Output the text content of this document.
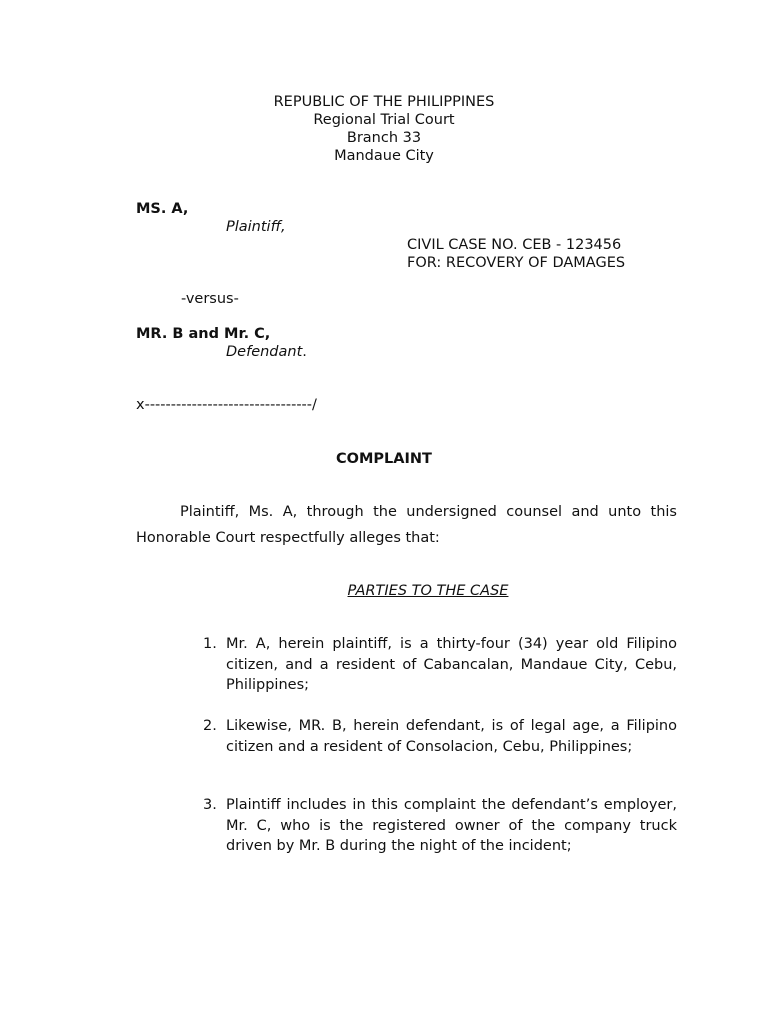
REPUBLIC OF THE PHILIPPINES
Regional Trial Court
Branch 33
Mandaue City
MS. A,
Plaintiff,
CIVIL CASE NO. CEB - 123456
FOR: RECOVERY OF DAMAGES
-versus-
MR. B and Mr. C,
Defendant.
x--------------------------------/
COMPLAINT
Plaintiff, Ms. A, through the undersigned counsel and unto this Honorable Court respectfully alleges that:
PARTIES TO THE CASE
1. Mr. A, herein plaintiff, is a thirty-four (34) year old Filipino citizen, and a resident of Cabancalan, Mandaue City, Cebu, Philippines;
2. Likewise, MR. B, herein defendant, is of legal age, a Filipino citizen and a resident of Consolacion, Cebu, Philippines;
3. Plaintiff includes in this complaint the defendant’s employer, Mr. C, who is the registered owner of the company truck driven by Mr. B during the night of the incident;
